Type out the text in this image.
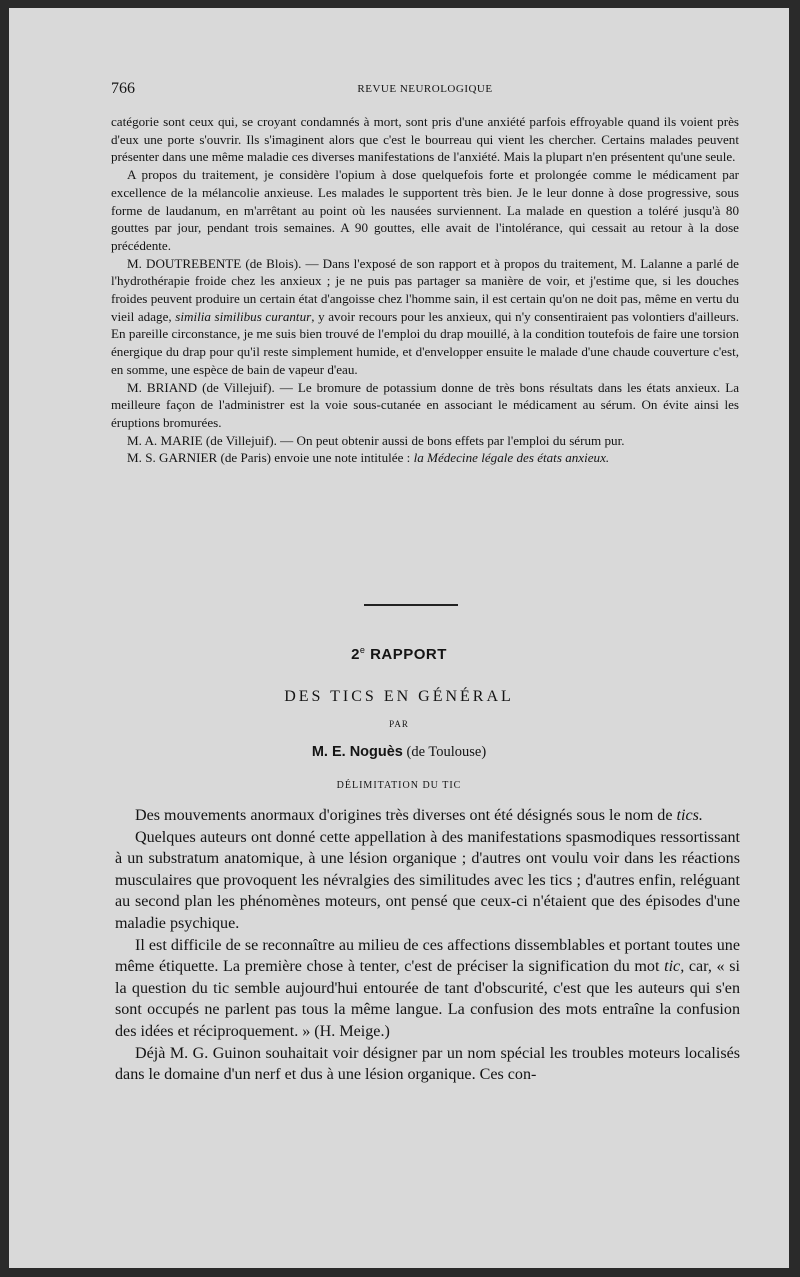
766	REVUE NEUROLOGIQUE

catégorie sont ceux qui, se croyant condamnés à mort, sont pris d'une anxiété parfois effroyable quand ils voient près d'eux une porte s'ouvrir. Ils s'imaginent alors que c'est le bourreau qui vient les chercher. Certains malades peuvent présenter dans une même maladie ces diverses manifestations de l'anxiété. Mais la plupart n'en présentent qu'une seule.

A propos du traitement, je considère l'opium à dose quelquefois forte et prolongée comme le médicament par excellence de la mélancolie anxieuse. Les malades le supportent très bien. Je le leur donne à dose progressive, sous forme de laudanum, en m'arrêtant au point où les nausées surviennent. La malade en question a toléré jusqu'à 80 gouttes par jour, pendant trois semaines. A 90 gouttes, elle avait de l'intolérance, qui cessait au retour à la dose précédente.

M. DOUTREBENTE (de Blois). — Dans l'exposé de son rapport et à propos du traitement, M. Lalanne a parlé de l'hydrothérapie froide chez les anxieux ; je ne puis pas partager sa manière de voir, et j'estime que, si les douches froides peuvent produire un certain état d'angoisse chez l'homme sain, il est certain qu'on ne doit pas, même en vertu du vieil adage, similia similibus curantur, y avoir recours pour les anxieux, qui n'y consentiraient pas volontiers d'ailleurs. En pareille circonstance, je me suis bien trouvé de l'emploi du drap mouillé, à la condition toutefois de faire une torsion énergique du drap pour qu'il reste simplement humide, et d'envelopper ensuite le malade d'une chaude couverture c'est, en somme, une espèce de bain de vapeur d'eau.

M. BRIAND (de Villejuif). — Le bromure de potassium donne de très bons résultats dans les états anxieux. La meilleure façon de l'administrer est la voie sous-cutanée en associant le médicament au sérum. On évite ainsi les éruptions bromurées.

M. A. MARIE (de Villejuif). — On peut obtenir aussi de bons effets par l'emploi du sérum pur.

M. S. GARNIER (de Paris) envoie une note intitulée : la Médecine légale des états anxieux.

2e RAPPORT
DES TICS EN GÉNÉRAL
PAR
M. E. Noguès (de Toulouse)
DÉLIMITATION DU TIC

Des mouvements anormaux d'origines très diverses ont été désignés sous le nom de tics.

Quelques auteurs ont donné cette appellation à des manifestations spasmodiques ressortissant à un substratum anatomique, à une lésion organique ; d'autres ont voulu voir dans les réactions musculaires que provoquent les névralgies des similitudes avec les tics ; d'autres enfin, reléguant au second plan les phénomènes moteurs, ont pensé que ceux-ci n'étaient que des épisodes d'une maladie psychique.

Il est difficile de se reconnaître au milieu de ces affections dissemblables et portant toutes une même étiquette. La première chose à tenter, c'est de préciser la signification du mot tic, car, « si la question du tic semble aujourd'hui entourée de tant d'obscurité, c'est que les auteurs qui s'en sont occupés ne parlent pas tous la même langue. La confusion des mots entraîne la confusion des idées et réciproquement. » (H. Meige.)

Déjà M. G. Guinon souhaitait voir désigner par un nom spécial les troubles moteurs localisés dans le domaine d'un nerf et dus à une lésion organique. Ces con-
